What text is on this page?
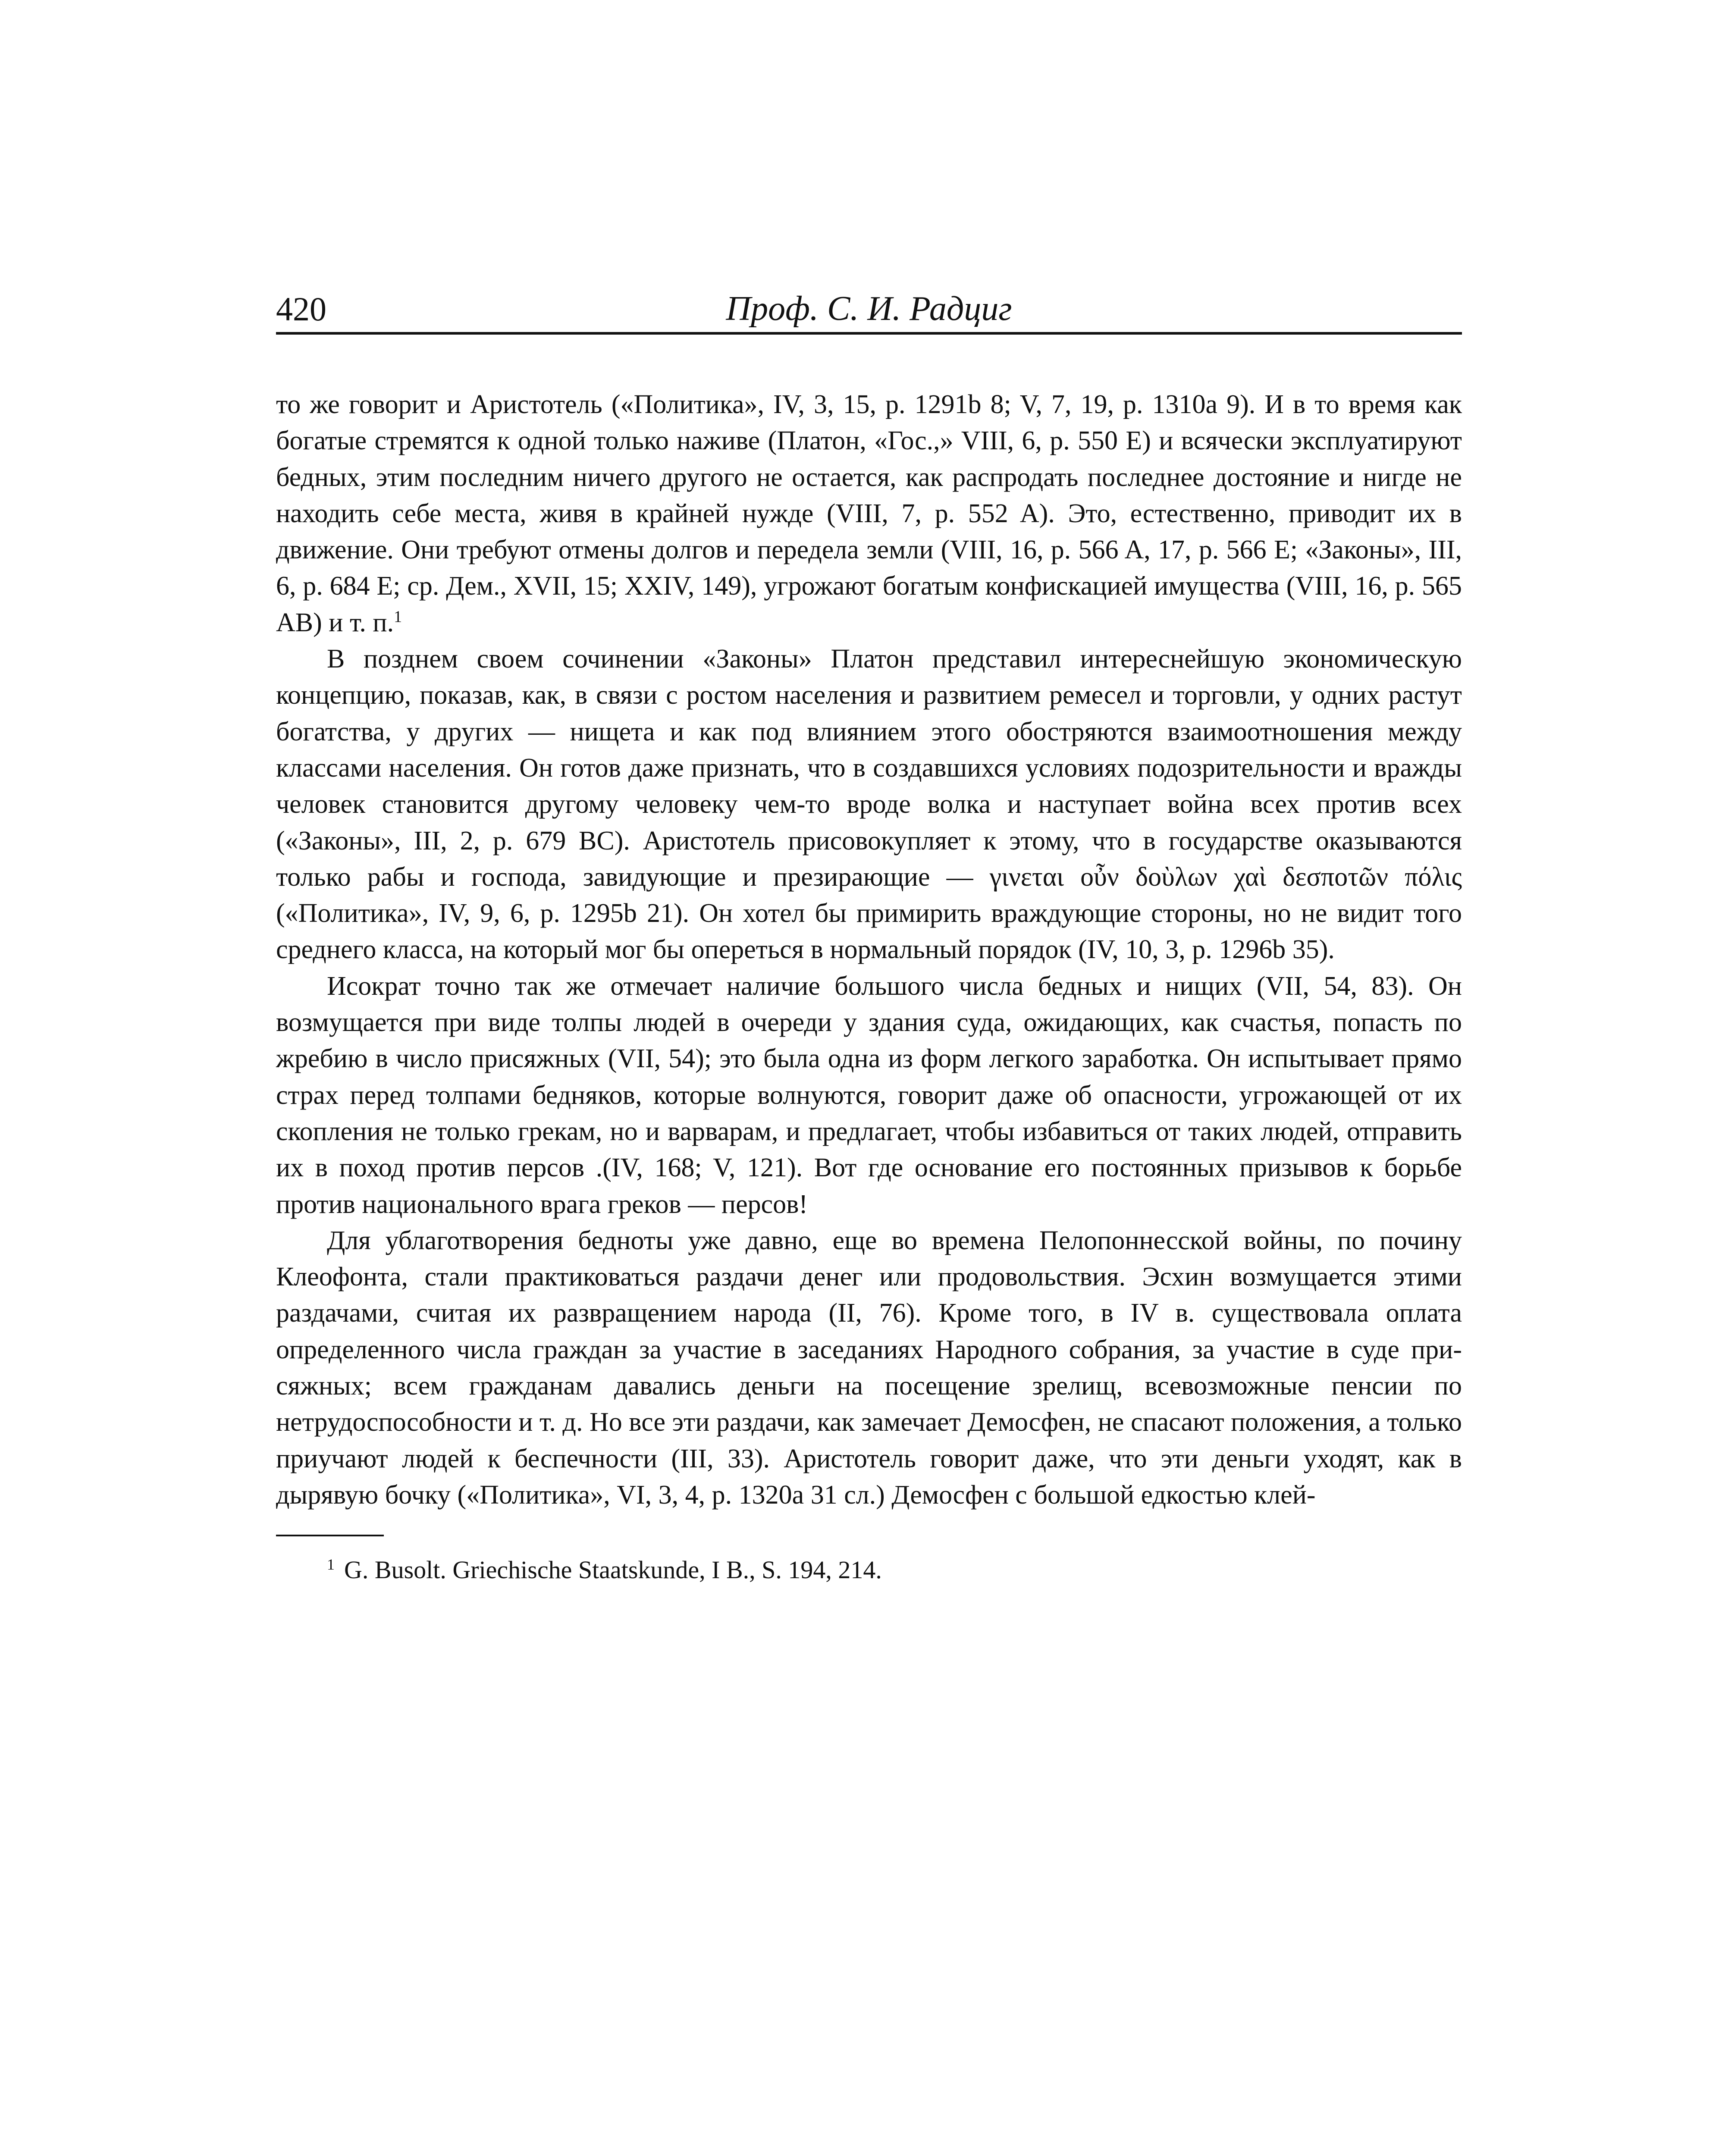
420	Проф. С. И. Радциг

то же говорит и Аристотель («Политика», IV, 3, 15, p. 1291b 8; V, 7, 19, p. 1310a 9). И в то время как богатые стремятся к одной только наживе (Платон, «Гос.,» VIII, 6, p. 550 E) и всячески эксплуатируют бедных, этим последним ничего другого не остается, как распродать последнее достояние и нигде не находить себе места, живя в крайней нужде (VIII, 7, p. 552 A). Это, естественно, приводит их в движение. Они требуют отмены долгов и передела земли (VIII, 16, p. 566 A, 17, p. 566 E; «Законы», III, 6, p. 684 E; ср. Дем., XVII, 15; XXIV, 149), угрожают богатым конфискацией имущества (VIII, 16, p. 565 AB) и т. п.$^1$

В позднем своем сочинении «Законы» Платон представил интереснейшую экономическую концепцию, показав, как, в связи с ростом населения и развитием ремесел и торговли, у одних растут богатства, у других — нищета и как под влиянием этого обостряются взаимоотношения между классами населения. Он готов даже признать, что в создавшихся условиях подозрительности и вражды человек становится другому человеку чем-то вроде волка и наступает война всех против всех («Законы», III, 2, p. 679 BC). Аристотель присовокупляет к этому, что в государстве оказываются только рабы и господа, завидующие и презирающие — γινεται οὖν δοὺλων χαὶ δεσποτῶν πόλις («Политика», IV, 9, 6, p. 1295b 21). Он хотел бы примирить враждующие стороны, но не видит того среднего класса, на который мог бы опереться в нормальный порядок (IV, 10, 3, p. 1296b 35).

Исократ точно так же отмечает наличие большого числа бедных и нищих (VII, 54, 83). Он возмущается при виде толпы людей в очереди у здания суда, ожидающих, как счастья, попасть по жребию в число присяжных (VII, 54); это была одна из форм легкого заработка. Он испытывает прямо страх перед толпами бедняков, которые волнуются, говорит даже об опасности, угрожающей от их скопления не только грекам, но и варварам, и предлагает, чтобы избавиться от таких людей, отправить их в поход против персов .(IV, 168; V, 121). Вот где основание его постоянных призывов к борьбе против национального врага греков — персов!

Для ублаготворения бедноты уже давно, еще во времена Пелопоннесской войны, по почину Клеофонта, стали практиковаться раздачи денег или продовольствия. Эсхин возмущается этими раздачами, считая их развращением народа (II, 76). Кроме того, в IV в. существовала оплата определенного числа граждан за участие в заседаниях Народного собрания, за участие в суде присяжных; всем гражданам давались деньги на посещение зрелищ, всевозможные пенсии по нетрудоспособности и т. д. Но все эти раздачи, как замечает Демосфен, не спасают положения, а только приучают людей к беспечности (III, 33). Аристотель говорит даже, что эти деньги уходят, как в дырявую бочку («Политика», VI, 3, 4, p. 1320a 31 сл.) Демосфен с большой едкостью клей-

$^1$ G. Busolt. Griechische Staatskunde, I B., S. 194, 214.
